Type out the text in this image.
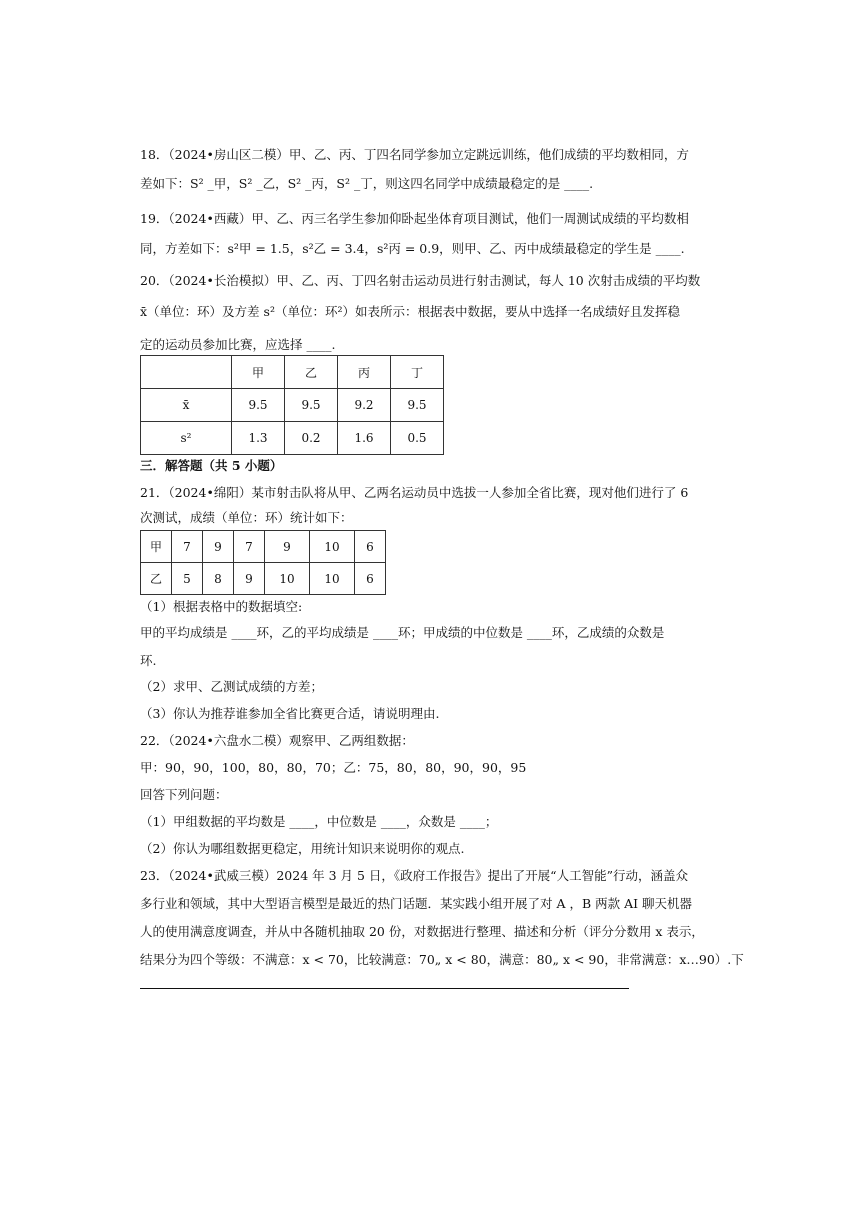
18．（2024•房山区二模）甲、乙、丙、丁四名同学参加立定跳远训练，他们成绩的平均数相同，方
差如下：S² _甲，S² _乙，S² _丙，S² _丁，则这四名同学中成绩最稳定的是 ____.
19．（2024•西藏）甲、乙、丙三名学生参加仰卧起坐体育项目测试，他们一周测试成绩的平均数相
同，方差如下：s²甲 = 1.5，s²乙 = 3.4，s²丙 = 0.9，则甲、乙、丙中成绩最稳定的学生是 ____.
20．（2024•长治模拟）甲、乙、丙、丁四名射击运动员进行射击测试，每人 10 次射击成绩的平均数
x̄（单位：环）及方差 s²（单位：环²）如表所示：根据表中数据，要从中选择一名成绩好且发挥稳
定的运动员参加比赛，应选择 ____.
	甲	乙	丙	丁
x̄	9.5	9.5	9.2	9.5
s²	1.3	0.2	1.6	0.5
三．解答题（共 5 小题）
21．（2024•绵阳）某市射击队将从甲、乙两名运动员中选拔一人参加全省比赛，现对他们进行了 6
次测试，成绩（单位：环）统计如下：
甲	7	9	7	9	10	6
乙	5	8	9	10	10	6
（1）根据表格中的数据填空:
甲的平均成绩是 ____环，乙的平均成绩是 ____环；甲成绩的中位数是 ____环，乙成绩的众数是
环.
（2）求甲、乙测试成绩的方差；
（3）你认为推荐谁参加全省比赛更合适，请说明理由.
22．（2024•六盘水二模）观察甲、乙两组数据：
甲：90，90，100，80，80，70；乙：75，80，80，90，90，95
回答下列问题：
（1）甲组数据的平均数是 ____，中位数是 ____，众数是 ____；
（2）你认为哪组数据更稳定，用统计知识来说明你的观点.
23．（2024•武威三模）2024 年 3 月 5 日，《政府工作报告》提出了开展“人工智能”行动，涵盖众
多行业和领域，其中大型语言模型是最近的热门话题．某实践小组开展了对 A ，B 两款 AI 聊天机器
人的使用满意度调查，并从中各随机抽取 20 份，对数据进行整理、描述和分析（评分分数用 x 表示，
结果分为四个等级：不满意：x < 70，比较满意：70„ x < 80，满意：80„ x < 90，非常满意：x…90）.下
